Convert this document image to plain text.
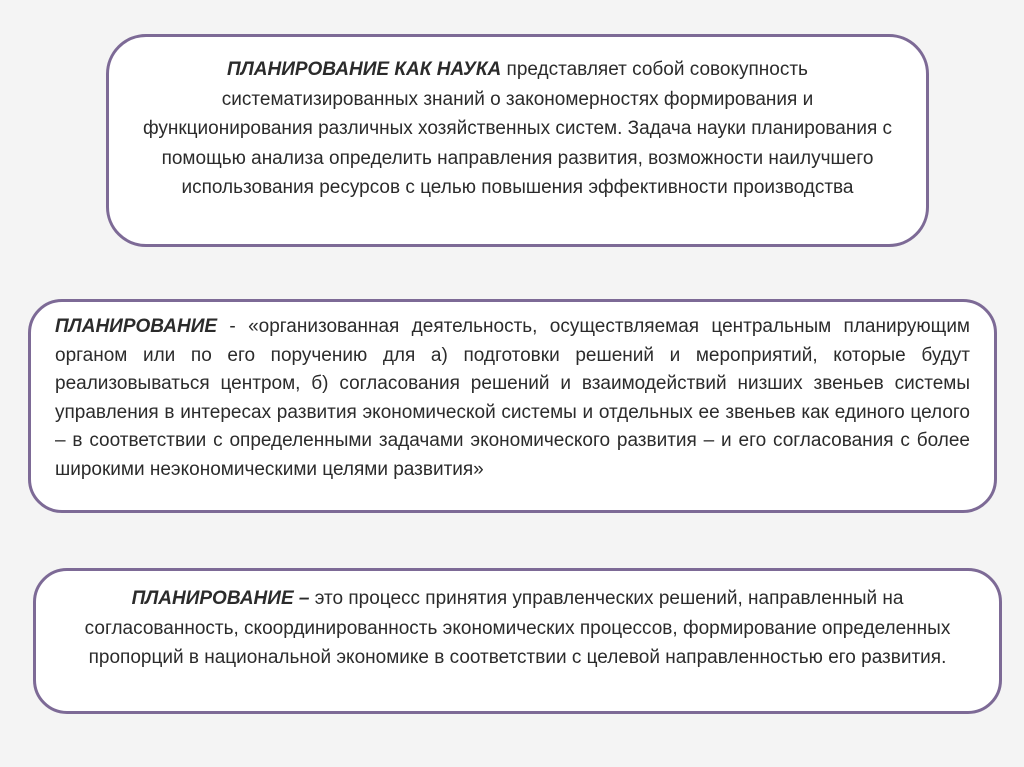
ПЛАНИРОВАНИЕ КАК НАУКА представляет собой совокупность систематизированных знаний о закономерностях формирования и функционирования различных хозяйственных систем. Задача науки планирования с помощью анализа определить направления развития, возможности наилучшего использования ресурсов с целью повышения эффективности производства

ПЛАНИРОВАНИЕ - «организованная деятельность, осуществляемая центральным планирующим органом или по его поручению для а) подготовки решений и мероприятий, которые будут реализовываться центром, б) согласования решений и взаимодействий низших звеньев системы управления в интересах развития экономической системы и отдельных ее звеньев как единого целого – в соответствии с определенными задачами экономического развития – и его согласования с более широкими неэкономическими целями развития»

ПЛАНИРОВАНИЕ – это процесс принятия управленческих решений, направленный на согласованность, скоординированность экономических процессов, формирование определенных пропорций в национальной экономике в соответствии с целевой направленностью его развития.
